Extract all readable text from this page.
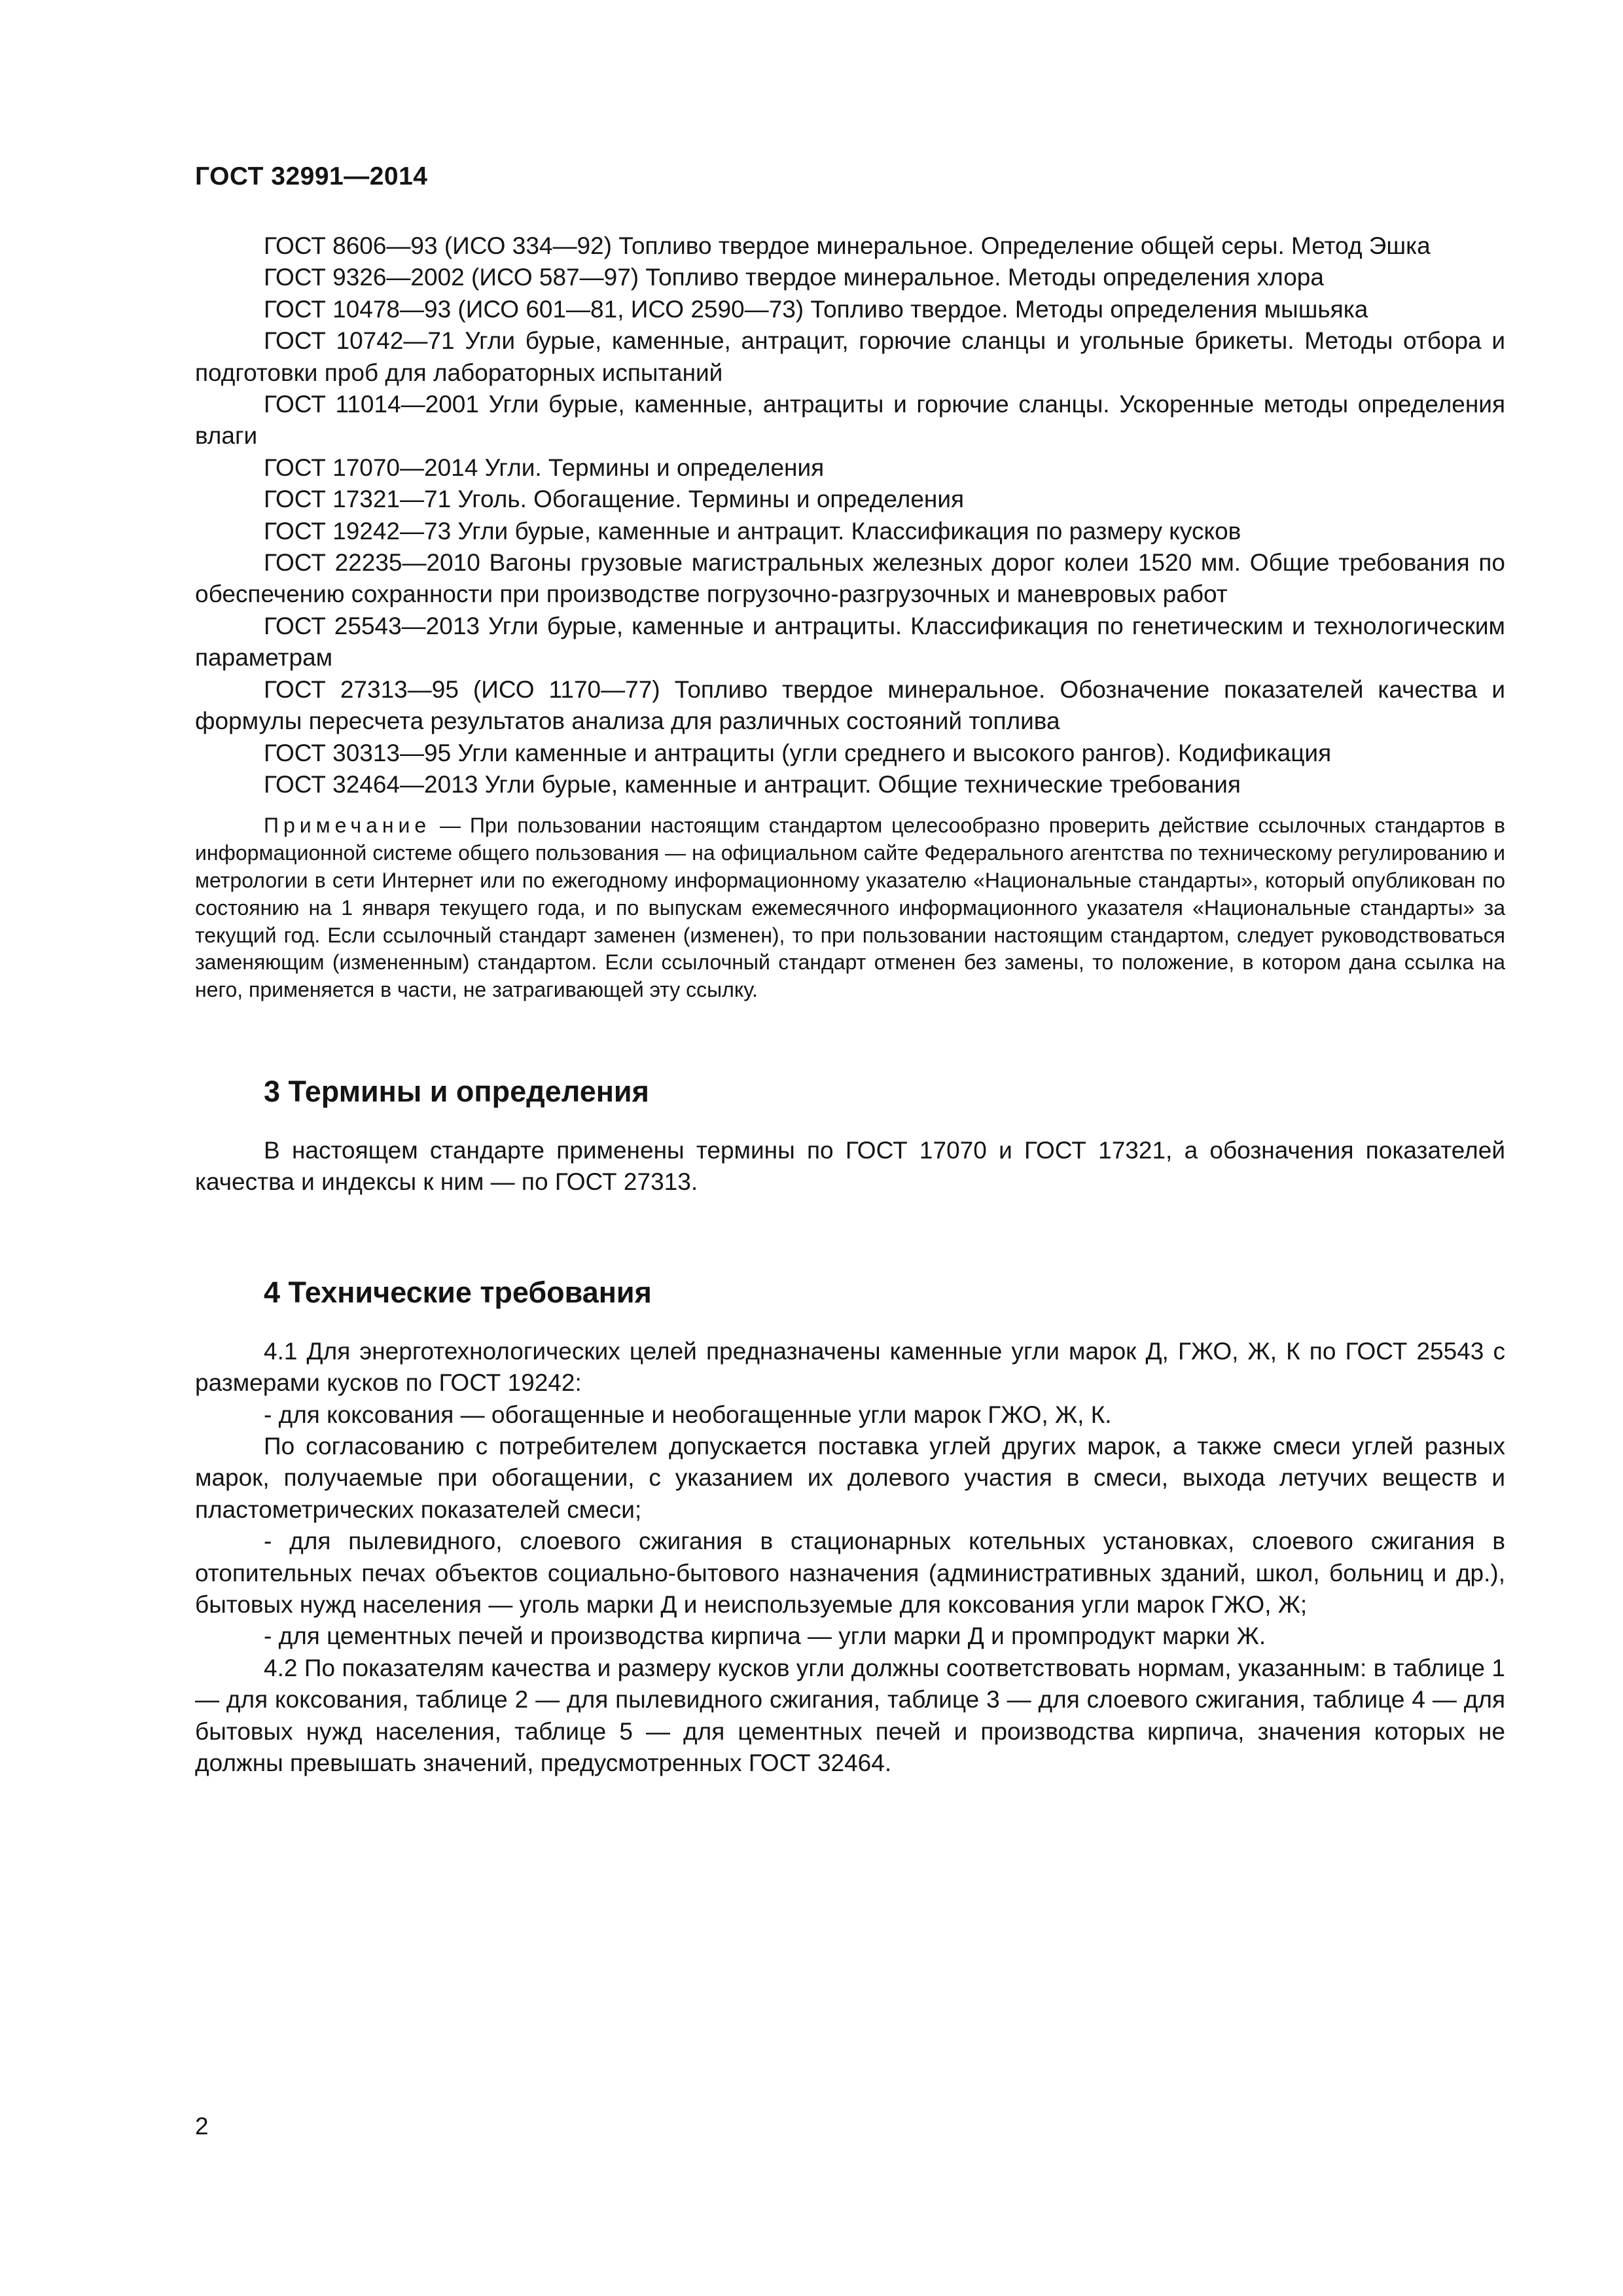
ГОСТ 32991—2014

ГОСТ 8606—93 (ИСО 334—92) Топливо твердое минеральное. Определение общей серы. Метод Эшка

ГОСТ 9326—2002 (ИСО 587—97) Топливо твердое минеральное. Методы определения хлора

ГОСТ 10478—93 (ИСО 601—81, ИСО 2590—73) Топливо твердое. Методы определения мышьяка

ГОСТ 10742—71 Угли бурые, каменные, антрацит, горючие сланцы и угольные брикеты. Методы отбора и подготовки проб для лабораторных испытаний

ГОСТ 11014—2001 Угли бурые, каменные, антрациты и горючие сланцы. Ускоренные методы определения влаги

ГОСТ 17070—2014 Угли. Термины и определения

ГОСТ 17321—71 Уголь. Обогащение. Термины и определения

ГОСТ 19242—73 Угли бурые, каменные и антрацит. Классификация по размеру кусков

ГОСТ 22235—2010 Вагоны грузовые магистральных железных дорог колеи 1520 мм. Общие требования по обеспечению сохранности при производстве погрузочно-разгрузочных и маневровых работ

ГОСТ 25543—2013 Угли бурые, каменные и антрациты. Классификация по генетическим и технологическим параметрам

ГОСТ 27313—95 (ИСО 1170—77) Топливо твердое минеральное. Обозначение показателей качества и формулы пересчета результатов анализа для различных состояний топлива

ГОСТ 30313—95 Угли каменные и антрациты (угли среднего и высокого рангов). Кодификация

ГОСТ 32464—2013 Угли бурые, каменные и антрацит. Общие технические требования

Примечание — При пользовании настоящим стандартом целесообразно проверить действие ссылочных стандартов в информационной системе общего пользования — на официальном сайте Федерального агентства по техническому регулированию и метрологии в сети Интернет или по ежегодному информационному указателю «Национальные стандарты», который опубликован по состоянию на 1 января текущего года, и по выпускам ежемесячного информационного указателя «Национальные стандарты» за текущий год. Если ссылочный стандарт заменен (изменен), то при пользовании настоящим стандартом, следует руководствоваться заменяющим (измененным) стандартом. Если ссылочный стандарт отменен без замены, то положение, в котором дана ссылка на него, применяется в части, не затрагивающей эту ссылку.
3 Термины и определения

В настоящем стандарте применены термины по ГОСТ 17070 и ГОСТ 17321, а обозначения показателей качества и индексы к ним — по ГОСТ 27313.

4 Технические требования

4.1 Для энерготехнологических целей предназначены каменные угли марок Д, ГЖО, Ж, К по ГОСТ 25543 с размерами кусков по ГОСТ 19242:

- для коксования — обогащенные и необогащенные угли марок ГЖО, Ж, К.

По согласованию с потребителем допускается поставка углей других марок, а также смеси углей разных марок, получаемые при обогащении, с указанием их долевого участия в смеси, выхода летучих веществ и пластометрических показателей смеси;

- для пылевидного, слоевого сжигания в стационарных котельных установках, слоевого сжигания в отопительных печах объектов социально-бытового назначения (административных зданий, школ, больниц и др.), бытовых нужд населения — уголь марки Д и неиспользуемые для коксования угли марок ГЖО, Ж;

- для цементных печей и производства кирпича — угли марки Д и промпродукт марки Ж.

4.2 По показателям качества и размеру кусков угли должны соответствовать нормам, указанным: в таблице 1 — для коксования, таблице 2 — для пылевидного сжигания, таблице 3 — для слоевого сжигания, таблице 4 — для бытовых нужд населения, таблице 5 — для цементных печей и производства кирпича, значения которых не должны превышать значений, предусмотренных ГОСТ 32464.

2
